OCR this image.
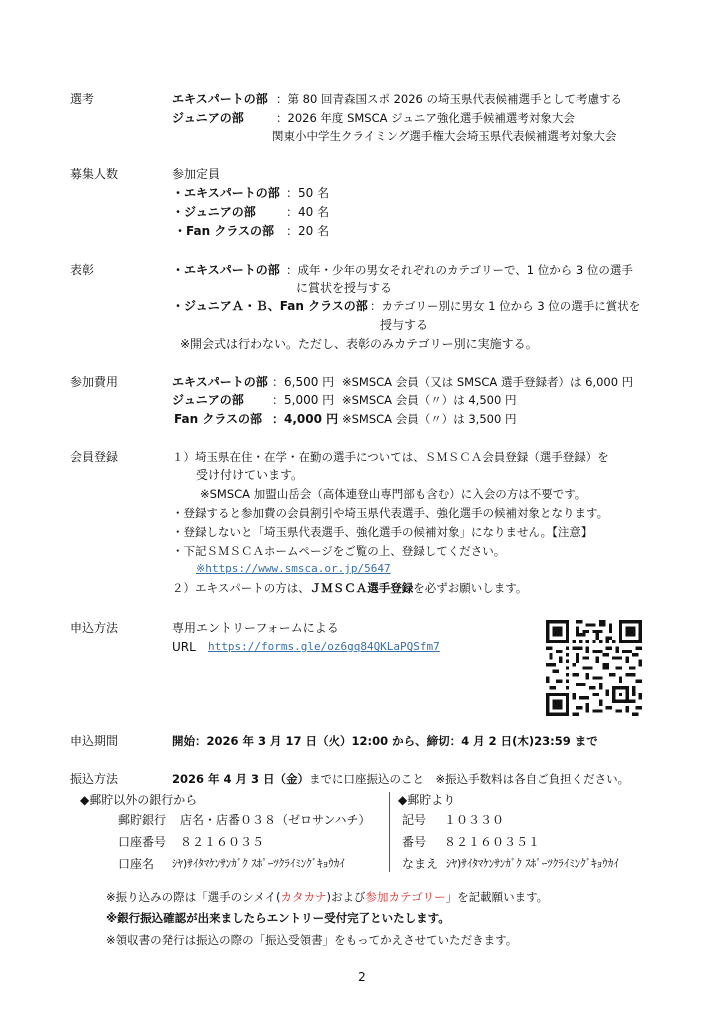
選考	エキスパートの部 ：第 80 回青森国スポ 2026 の埼玉県代表候補選手として考慮する
ジュニアの部	：2026 年度 SMSCA ジュニア強化選手候補選考対象大会
関東小中学生クライミング選手権大会埼玉県代表候補選考対象大会
募集人数	参加定員
・エキスパートの部 ：50 名
・ジュニアの部	：40 名
・Fan クラスの部 ：20 名
表彰	・エキスパートの部 ：成年・少年の男女それぞれのカテゴリーで、1 位から 3 位の選手
に賞状を授与する
・ジュニアＡ・Ｂ、Fan クラスの部 ：カテゴリー別に男女 1 位から 3 位の選手に賞状を
授与する
※開会式は行わない。ただし、表彰のみカテゴリー別に実施する。
参加費用	エキスパートの部 ：6,500 円 ※SMSCA 会員（又は SMSCA 選手登録者）は 6,000 円
ジュニアの部 ：5,000 円 ※SMSCA 会員（〃）は 4,500 円
Fan クラスの部 ：4,000 円 ※SMSCA 会員（〃）は 3,500 円
会員登録	１）埼玉県在住・在学・在勤の選手については、ＳＭＳＣＡ会員登録（選手登録）を
受け付けています。
※SMSCA 加盟山岳会（高体連登山専門部も含む）に入会の方は不要です。
・登録すると参加費の会員割引や埼玉県代表選手、強化選手の候補対象となります。
・登録しないと「埼玉県代表選手、強化選手の候補対象」になりません。【注意】
・下記ＳＭＳＣＡホームページをご覧の上、登録してください。
※https://www.smsca.or.jp/5647
２）エキスパートの方は、ＪＭＳＣＡ選手登録を必ずお願いします。
申込方法	専用エントリーフォームによる
URL https://forms.gle/oz6gq84QKLaPQSfm7
申込期間	開始：2026 年 3 月 17 日（火）12:00 から、締切：4 月 2 日(木)23:59 まで
振込方法	2026 年 4 月 3 日（金）までに口座振込のこと　※振込手数料は各自ご負担ください。
◆郵貯以外の銀行から
郵貯銀行 店名・店番０３８（ゼロサンハチ）
口座番号 ８２１６０３５
口座名 ｼﾔ)ｻｲﾀﾏｹﾝｻﾝｶﾞｸ ｽﾎﾟｰﾂｸﾗｲﾐﾝｸﾞｷｮｳｶｲ
◆郵貯より
記号 １０３３０
番号 ８２１６０３５１
なまえ ｼﾔ)ｻｲﾀﾏｹﾝｻﾝｶﾞｸ ｽﾎﾟｰﾂｸﾗｲﾐﾝｸﾞｷｮｳｶｲ
※振り込みの際は「選手のシメイ(カタカナ)および参加カテゴリー」を記載願います。
※銀行振込確認が出来ましたらエントリー受付完了といたします。
※領収書の発行は振込の際の「振込受領書」をもってかえさせていただきます。
2
